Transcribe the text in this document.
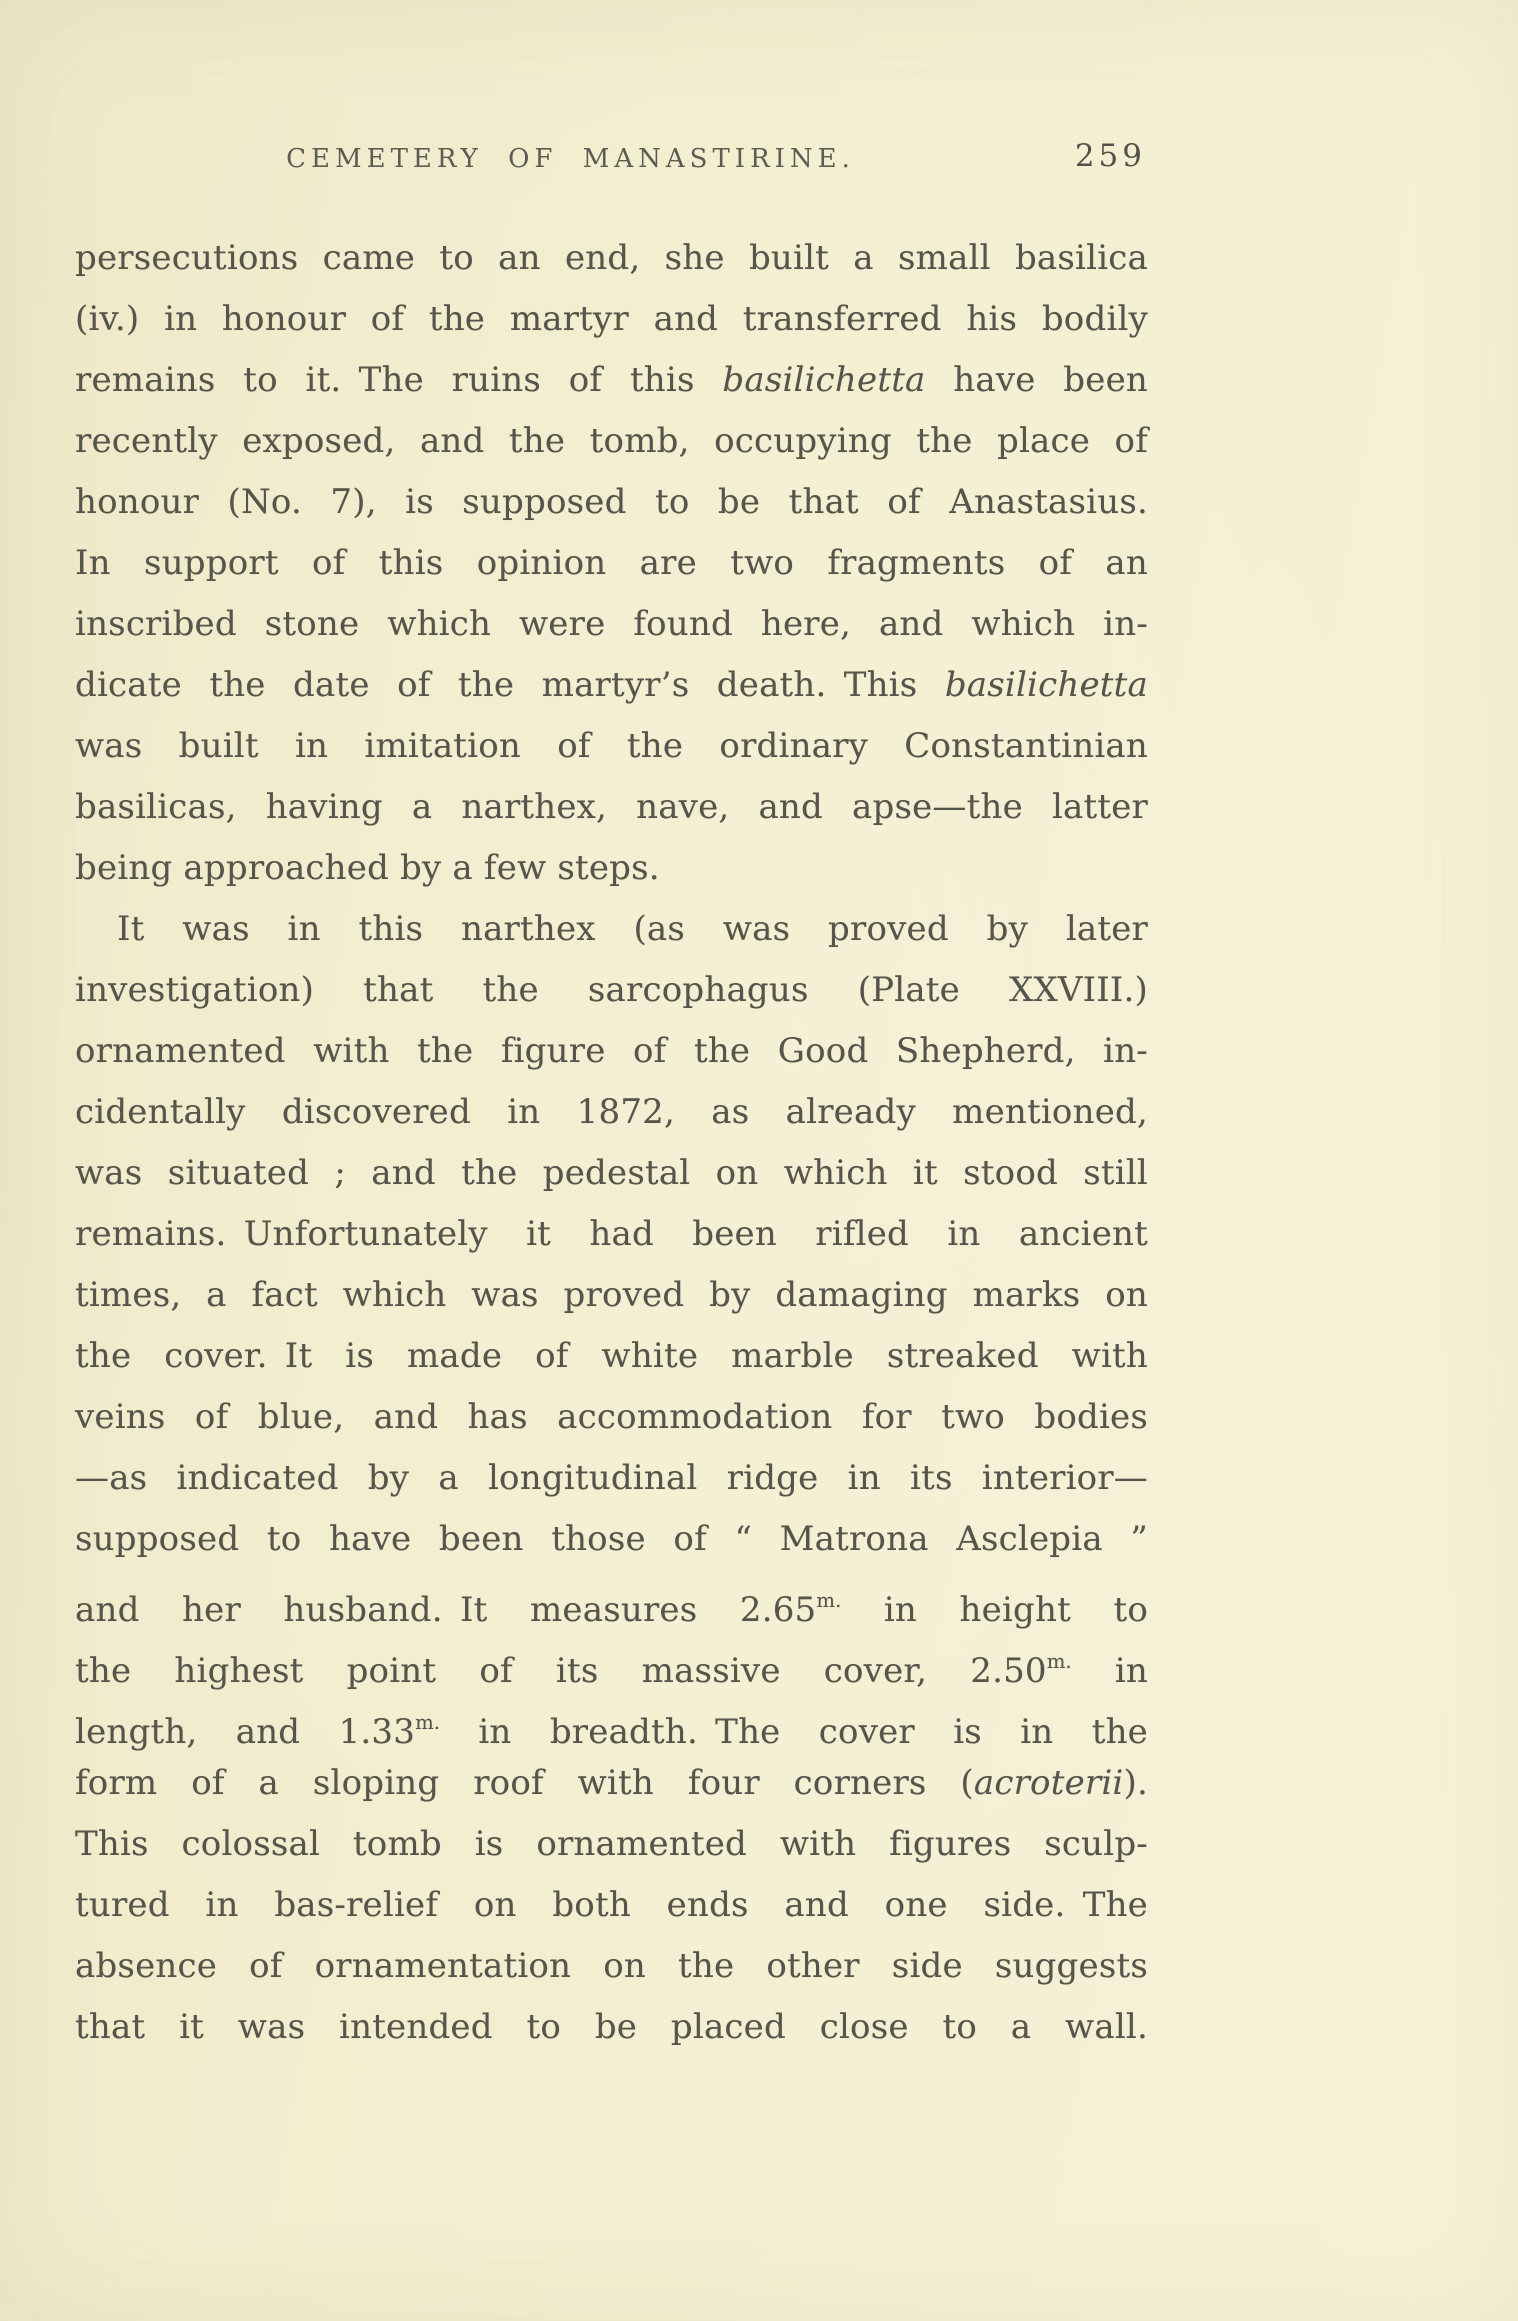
CEMETERY OF MANASTIRINE.	259
persecutions came to an end, she built a small basilica
(iv.) in honour of the martyr and transferred his bodily
remains to it. The ruins of this basilichetta have been
recently exposed, and the tomb, occupying the place of
honour (No. 7), is supposed to be that of Anastasius.
In support of this opinion are two fragments of an
inscribed stone which were found here, and which in-
dicate the date of the martyr’s death. This basilichetta
was built in imitation of the ordinary Constantinian
basilicas, having a narthex, nave, and apse—the latter
being approached by a few steps.
It was in this narthex (as was proved by later
investigation) that the sarcophagus (Plate XXVIII.)
ornamented with the figure of the Good Shepherd, in-
cidentally discovered in 1872, as already mentioned,
was situated ; and the pedestal on which it stood still
remains. Unfortunately it had been rifled in ancient
times, a fact which was proved by damaging marks on
the cover. It is made of white marble streaked with
veins of blue, and has accommodation for two bodies
—as indicated by a longitudinal ridge in its interior—
supposed to have been those of “ Matrona Asclepia ”
and her husband. It measures $2.65^{m.}$ in height to
the highest point of its massive cover, $2.50^{m.}$ in
length, and $1.33^{m.}$ in breadth. The cover is in the
form of a sloping roof with four corners (acroterii).
This colossal tomb is ornamented with figures sculp-
tured in bas-relief on both ends and one side. The
absence of ornamentation on the other side suggests
that it was intended to be placed close to a wall.
